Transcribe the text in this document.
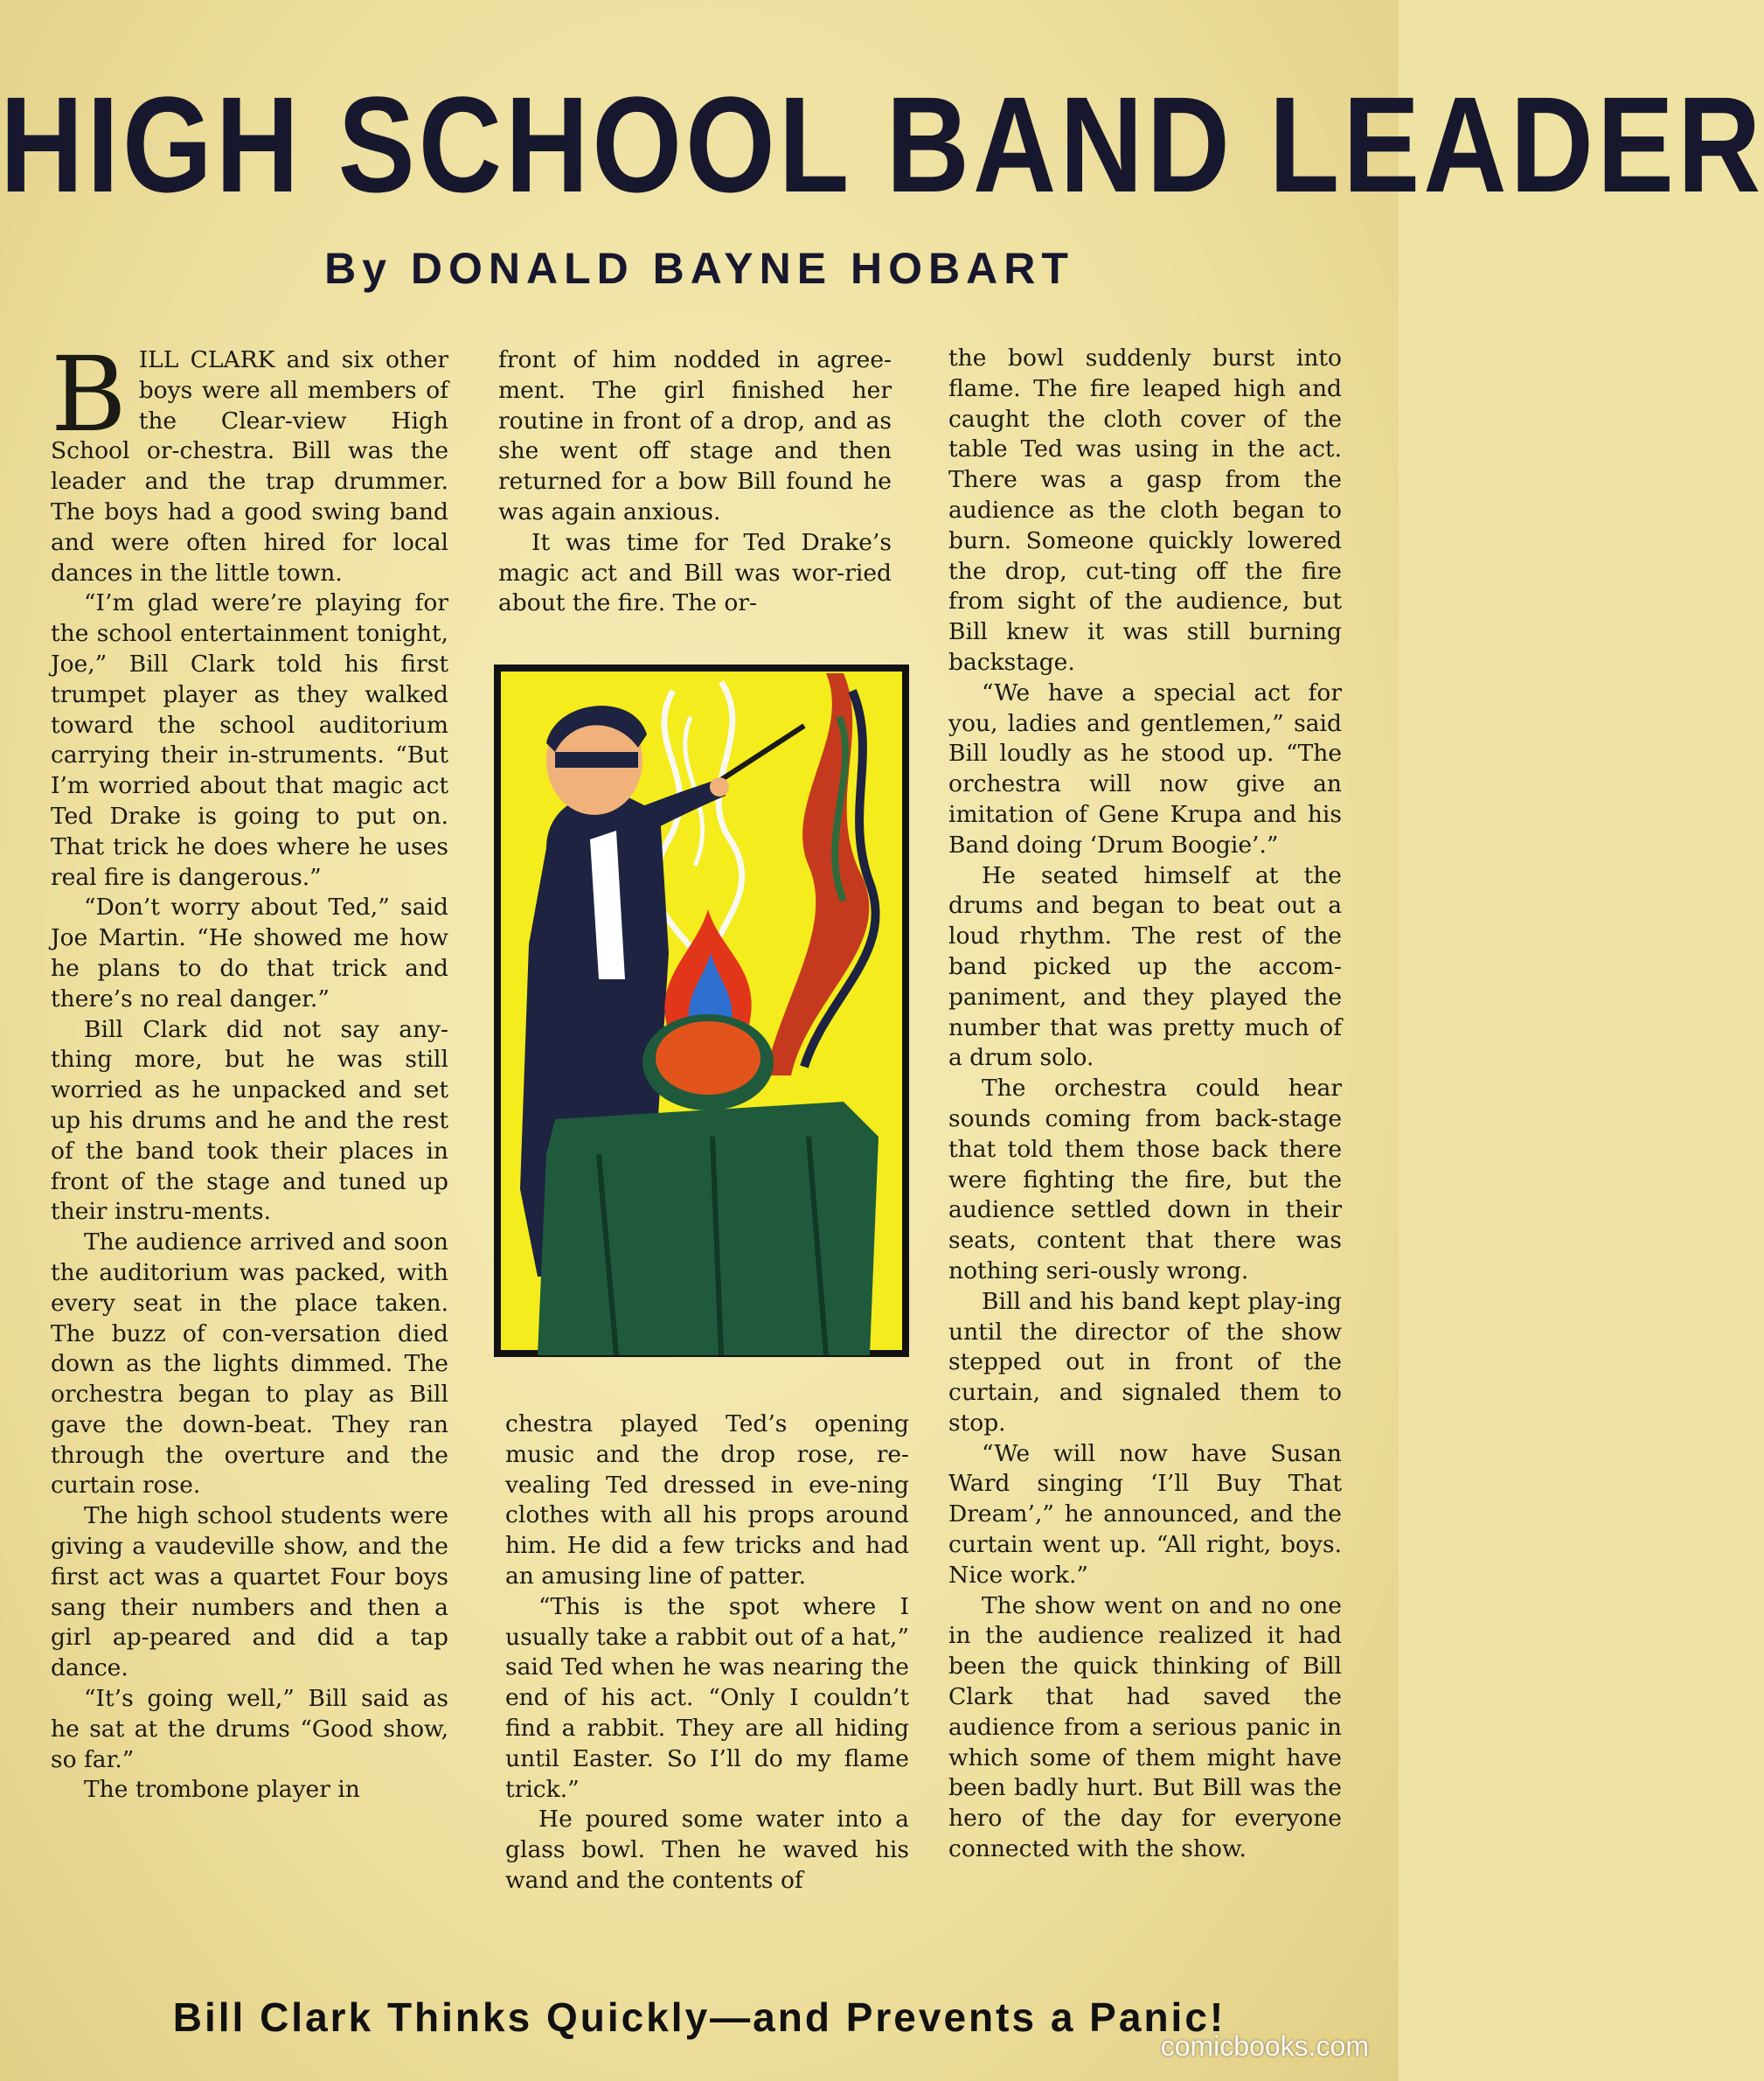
HIGH SCHOOL BAND LEADER
By DONALD BAYNE HOBART

BILL CLARK and six other boys were all members of the Clear-view High School or-chestra. Bill was the leader and the trap drummer. The boys had a good swing band and were often hired for local dances in the little town.

“I’m glad were’re playing for the school entertainment tonight, Joe,” Bill Clark told his first trumpet player as they walked toward the school auditorium carrying their in-struments. “But I’m worried about that magic act Ted Drake is going to put on. That trick he does where he uses real fire is dangerous.”

“Don’t worry about Ted,” said Joe Martin. “He showed me how he plans to do that trick and there’s no real danger.”

Bill Clark did not say any-thing more, but he was still worried as he unpacked and set up his drums and he and the rest of the band took their places in front of the stage and tuned up their instru-ments.

The audience arrived and soon the auditorium was packed, with every seat in the place taken. The buzz of con-versation died down as the lights dimmed. The orchestra began to play as Bill gave the down-beat. They ran through the overture and the curtain rose.

The high school students were giving a vaudeville show, and the first act was a quartet Four boys sang their numbers and then a girl ap-peared and did a tap dance.

“It’s going well,” Bill said as he sat at the drums “Good show, so far.”

The trombone player in

front of him nodded in agree-ment. The girl finished her routine in front of a drop, and as she went off stage and then returned for a bow Bill found he was again anxious.

It was time for Ted Drake’s magic act and Bill was wor-ried about the fire. The or-

chestra played Ted’s opening music and the drop rose, re-vealing Ted dressed in eve-ning clothes with all his props around him. He did a few tricks and had an amusing line of patter.

“This is the spot where I usually take a rabbit out of a hat,” said Ted when he was nearing the end of his act. “Only I couldn’t find a rabbit. They are all hiding until Easter. So I’ll do my flame trick.”

He poured some water into a glass bowl. Then he waved his wand and the contents of

the bowl suddenly burst into flame. The fire leaped high and caught the cloth cover of the table Ted was using in the act. There was a gasp from the audience as the cloth began to burn. Someone quickly lowered the drop, cut-ting off the fire from sight of the audience, but Bill knew it was still burning backstage.

“We have a special act for you, ladies and gentlemen,” said Bill loudly as he stood up. “The orchestra will now give an imitation of Gene Krupa and his Band doing ‘Drum Boogie’.”

He seated himself at the drums and began to beat out a loud rhythm. The rest of the band picked up the accom-paniment, and they played the number that was pretty much of a drum solo.

The orchestra could hear sounds coming from back-stage that told them those back there were fighting the fire, but the audience settled down in their seats, content that there was nothing seri-ously wrong.

Bill and his band kept play-ing until the director of the show stepped out in front of the curtain, and signaled them to stop.

“We will now have Susan Ward singing ‘I’ll Buy That Dream’,” he announced, and the curtain went up. “All right, boys. Nice work.”

The show went on and no one in the audience realized it had been the quick thinking of Bill Clark that had saved the audience from a serious panic in which some of them might have been badly hurt. But Bill was the hero of the day for everyone connected with the show.

Bill Clark Thinks Quickly—and Prevents a Panic!
comicbooks.com
